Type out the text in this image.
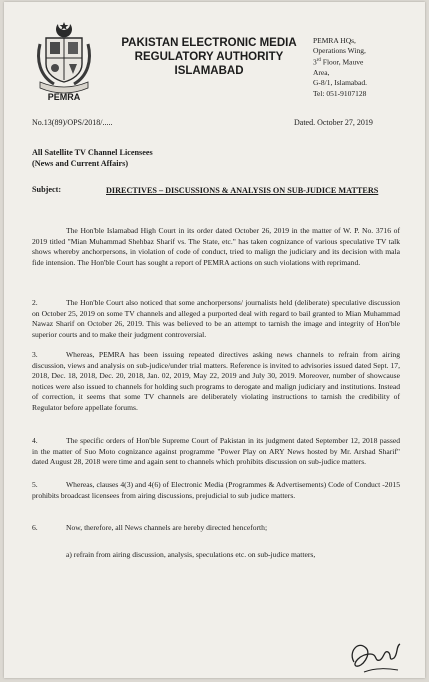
PEMRA
PAKISTAN ELECTRONIC MEDIA
REGULATORY AUTHORITY
ISLAMABAD
PEMRA HQs,
Operations Wing,
3rd Floor, Mauve
Area,
G-8/1, Islamabad.
Tel: 051-9107128
No.13(89)/OPS/2018/.....	Dated. October 27, 2019
All Satellite TV Channel Licensees
(News and Current Affairs)
Subject:	DIRECTIVES – DISCUSSIONS & ANALYSIS ON SUB-JUDICE MATTERS
The Hon'ble Islamabad High Court in its order dated October 26, 2019 in the matter of W. P. No. 3716 of 2019 titled "Mian Muhammad Shehbaz Sharif vs. The State, etc." has taken cognizance of various speculative TV talk shows whereby anchorpersons, in violation of code of conduct, tried to malign the judiciary and its decision with mala fide intension. The Hon'ble Court has sought a report of PEMRA actions on such violations with reprimand.
2.	The Hon'ble Court also noticed that some anchorpersons/ journalists held (deliberate) speculative discussion on October 25, 2019 on some TV channels and alleged a purported deal with regard to bail granted to Mian Muhammad Nawaz Sharif on October 26, 2019. This was believed to be an attempt to tarnish the image and integrity of Hon'ble superior courts and to make their judgment controversial.
3.	Whereas, PEMRA has been issuing repeated directives asking news channels to refrain from airing discussion, views and analysis on sub-judice/under trial matters. Reference is invited to advisories issued dated Sept. 17, 2018, Dec. 18, 2018, Dec. 20, 2018, Jan. 02, 2019, May 22, 2019 and July 30, 2019. Moreover, number of showcause notices were also issued to channels for holding such programs to derogate and malign judiciary and institutions. Instead of correction, it seems that some TV channels are deliberately violating instructions to tarnish the credibility of Regulator before appellate forums.
4.	The specific orders of Hon'ble Supreme Court of Pakistan in its judgment dated September 12, 2018 passed in the matter of Suo Moto cognizance against programme "Power Play on ARY News hosted by Mr. Arshad Sharif" dated August 28, 2018 were time and again sent to channels which prohibits discussion on sub-judice matters.
5.	Whereas, clauses 4(3) and 4(6) of Electronic Media (Programmes & Advertisements) Code of Conduct -2015 prohibits broadcast licensees from airing discussions, prejudicial to sub judice matters.
6.	Now, therefore, all News channels are hereby directed henceforth;
a) refrain from airing discussion, analysis, speculations etc. on sub-judice matters,
